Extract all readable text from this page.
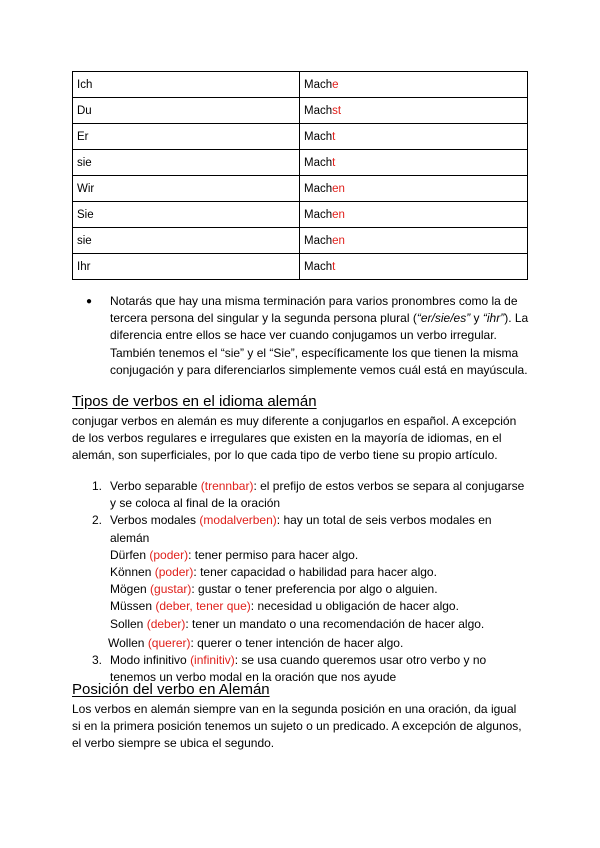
Ich	Mache
Du	Machst
Er	Macht
sie	Macht
Wir	Machen
Sie	Machen
sie	Machen
Ihr	Macht
● Notarás que hay una misma terminación para varios pronombres como la de tercera persona del singular y la segunda persona plural (“er/sie/es” y “ihr”). La diferencia entre ellos se hace ver cuando conjugamos un verbo irregular. También tenemos el “sie” y el “Sie”, específicamente los que tienen la misma conjugación y para diferenciarlos simplemente vemos cuál está en mayúscula.
Tipos de verbos en el idioma alemán

conjugar verbos en alemán es muy diferente a conjugarlos en español. A excepción de los verbos regulares e irregulares que existen en la mayoría de idiomas, en el alemán, son superficiales, por lo que cada tipo de verbo tiene su propio artículo.

1. Verbo separable (trennbar): el prefijo de estos verbos se separa al conjugarse y se coloca al final de la oración
2. Verbos modales (modalverben): hay un total de seis verbos modales en alemán
Dürfen (poder): tener permiso para hacer algo.
Können (poder): tener capacidad o habilidad para hacer algo.
Mögen (gustar): gustar o tener preferencia por algo o alguien.
Müssen (deber, tener que): necesidad u obligación de hacer algo.
Sollen (deber): tener un mandato o una recomendación de hacer algo.
Wollen (querer): querer o tener intención de hacer algo.
3. Modo infinitivo (infinitiv): se usa cuando queremos usar otro verbo y no tenemos un verbo modal en la oración que nos ayude
Posición del verbo en Alemán

Los verbos en alemán siempre van en la segunda posición en una oración, da igual si en la primera posición tenemos un sujeto o un predicado. A excepción de algunos, el verbo siempre se ubica el segundo.
